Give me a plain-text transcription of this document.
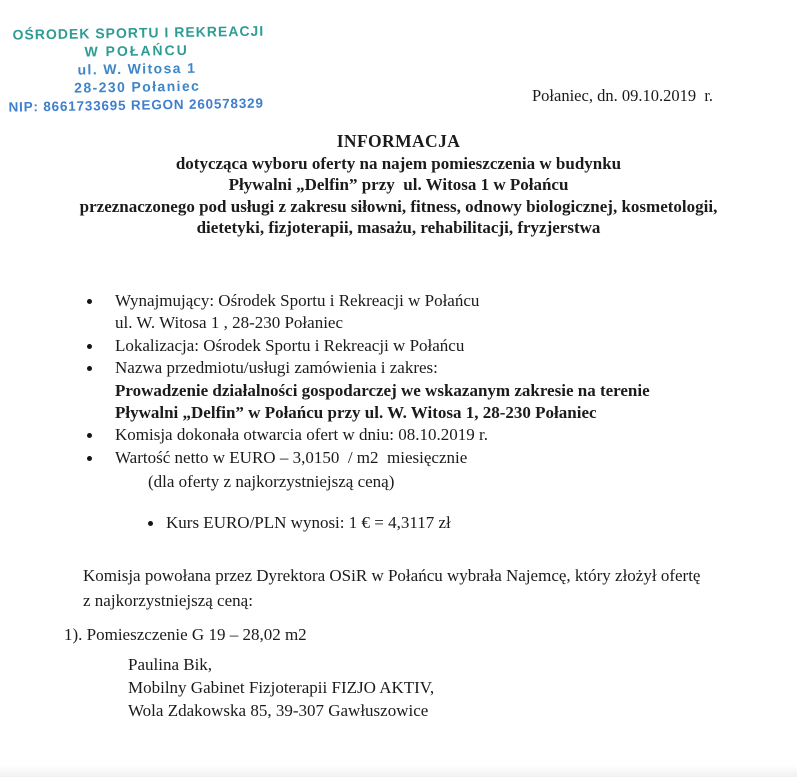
OŚRODEK SPORTU I REKREACJI
W POŁAŃCU
ul. W. Witosa 1
28-230 Połaniec
NIP: 8661733695 REGON 260578329
Połaniec, dn. 09.10.2019  r.
INFORMACJA
dotycząca wyboru oferty na najem pomieszczenia w budynku
Pływalni „Delfin” przy  ul. Witosa 1 w Połańcu
przeznaczonego pod usługi z zakresu siłowni, fitness, odnowy biologicznej, kosmetologii,
dietetyki, fizjoterapii, masażu, rehabilitacji, fryzjerstwa
Wynajmujący: Ośrodek Sportu i Rekreacji w Połańcu
ul. W. Witosa 1 , 28-230 Połaniec
Lokalizacja: Ośrodek Sportu i Rekreacji w Połańcu
Nazwa przedmiotu/usługi zamówienia i zakres:
Prowadzenie działalności gospodarczej we wskazanym zakresie na terenie
Pływalni „Delfin” w Połańcu przy ul. W. Witosa 1, 28-230 Połaniec
Komisja dokonała otwarcia ofert w dniu: 08.10.2019 r.
Wartość netto w EURO – 3,0150  / m2  miesięcznie
(dla oferty z najkorzystniejszą ceną)
Kurs EURO/PLN wynosi: 1 € = 4,3117 zł
Komisja powołana przez Dyrektora OSiR w Połańcu wybrała Najemcę, który złożył ofertę
z najkorzystniejszą ceną:
1). Pomieszczenie G 19 – 28,02 m2
Paulina Bik,
Mobilny Gabinet Fizjoterapii FIZJO AKTIV,
Wola Zdakowska 85, 39-307 Gawłuszowice
